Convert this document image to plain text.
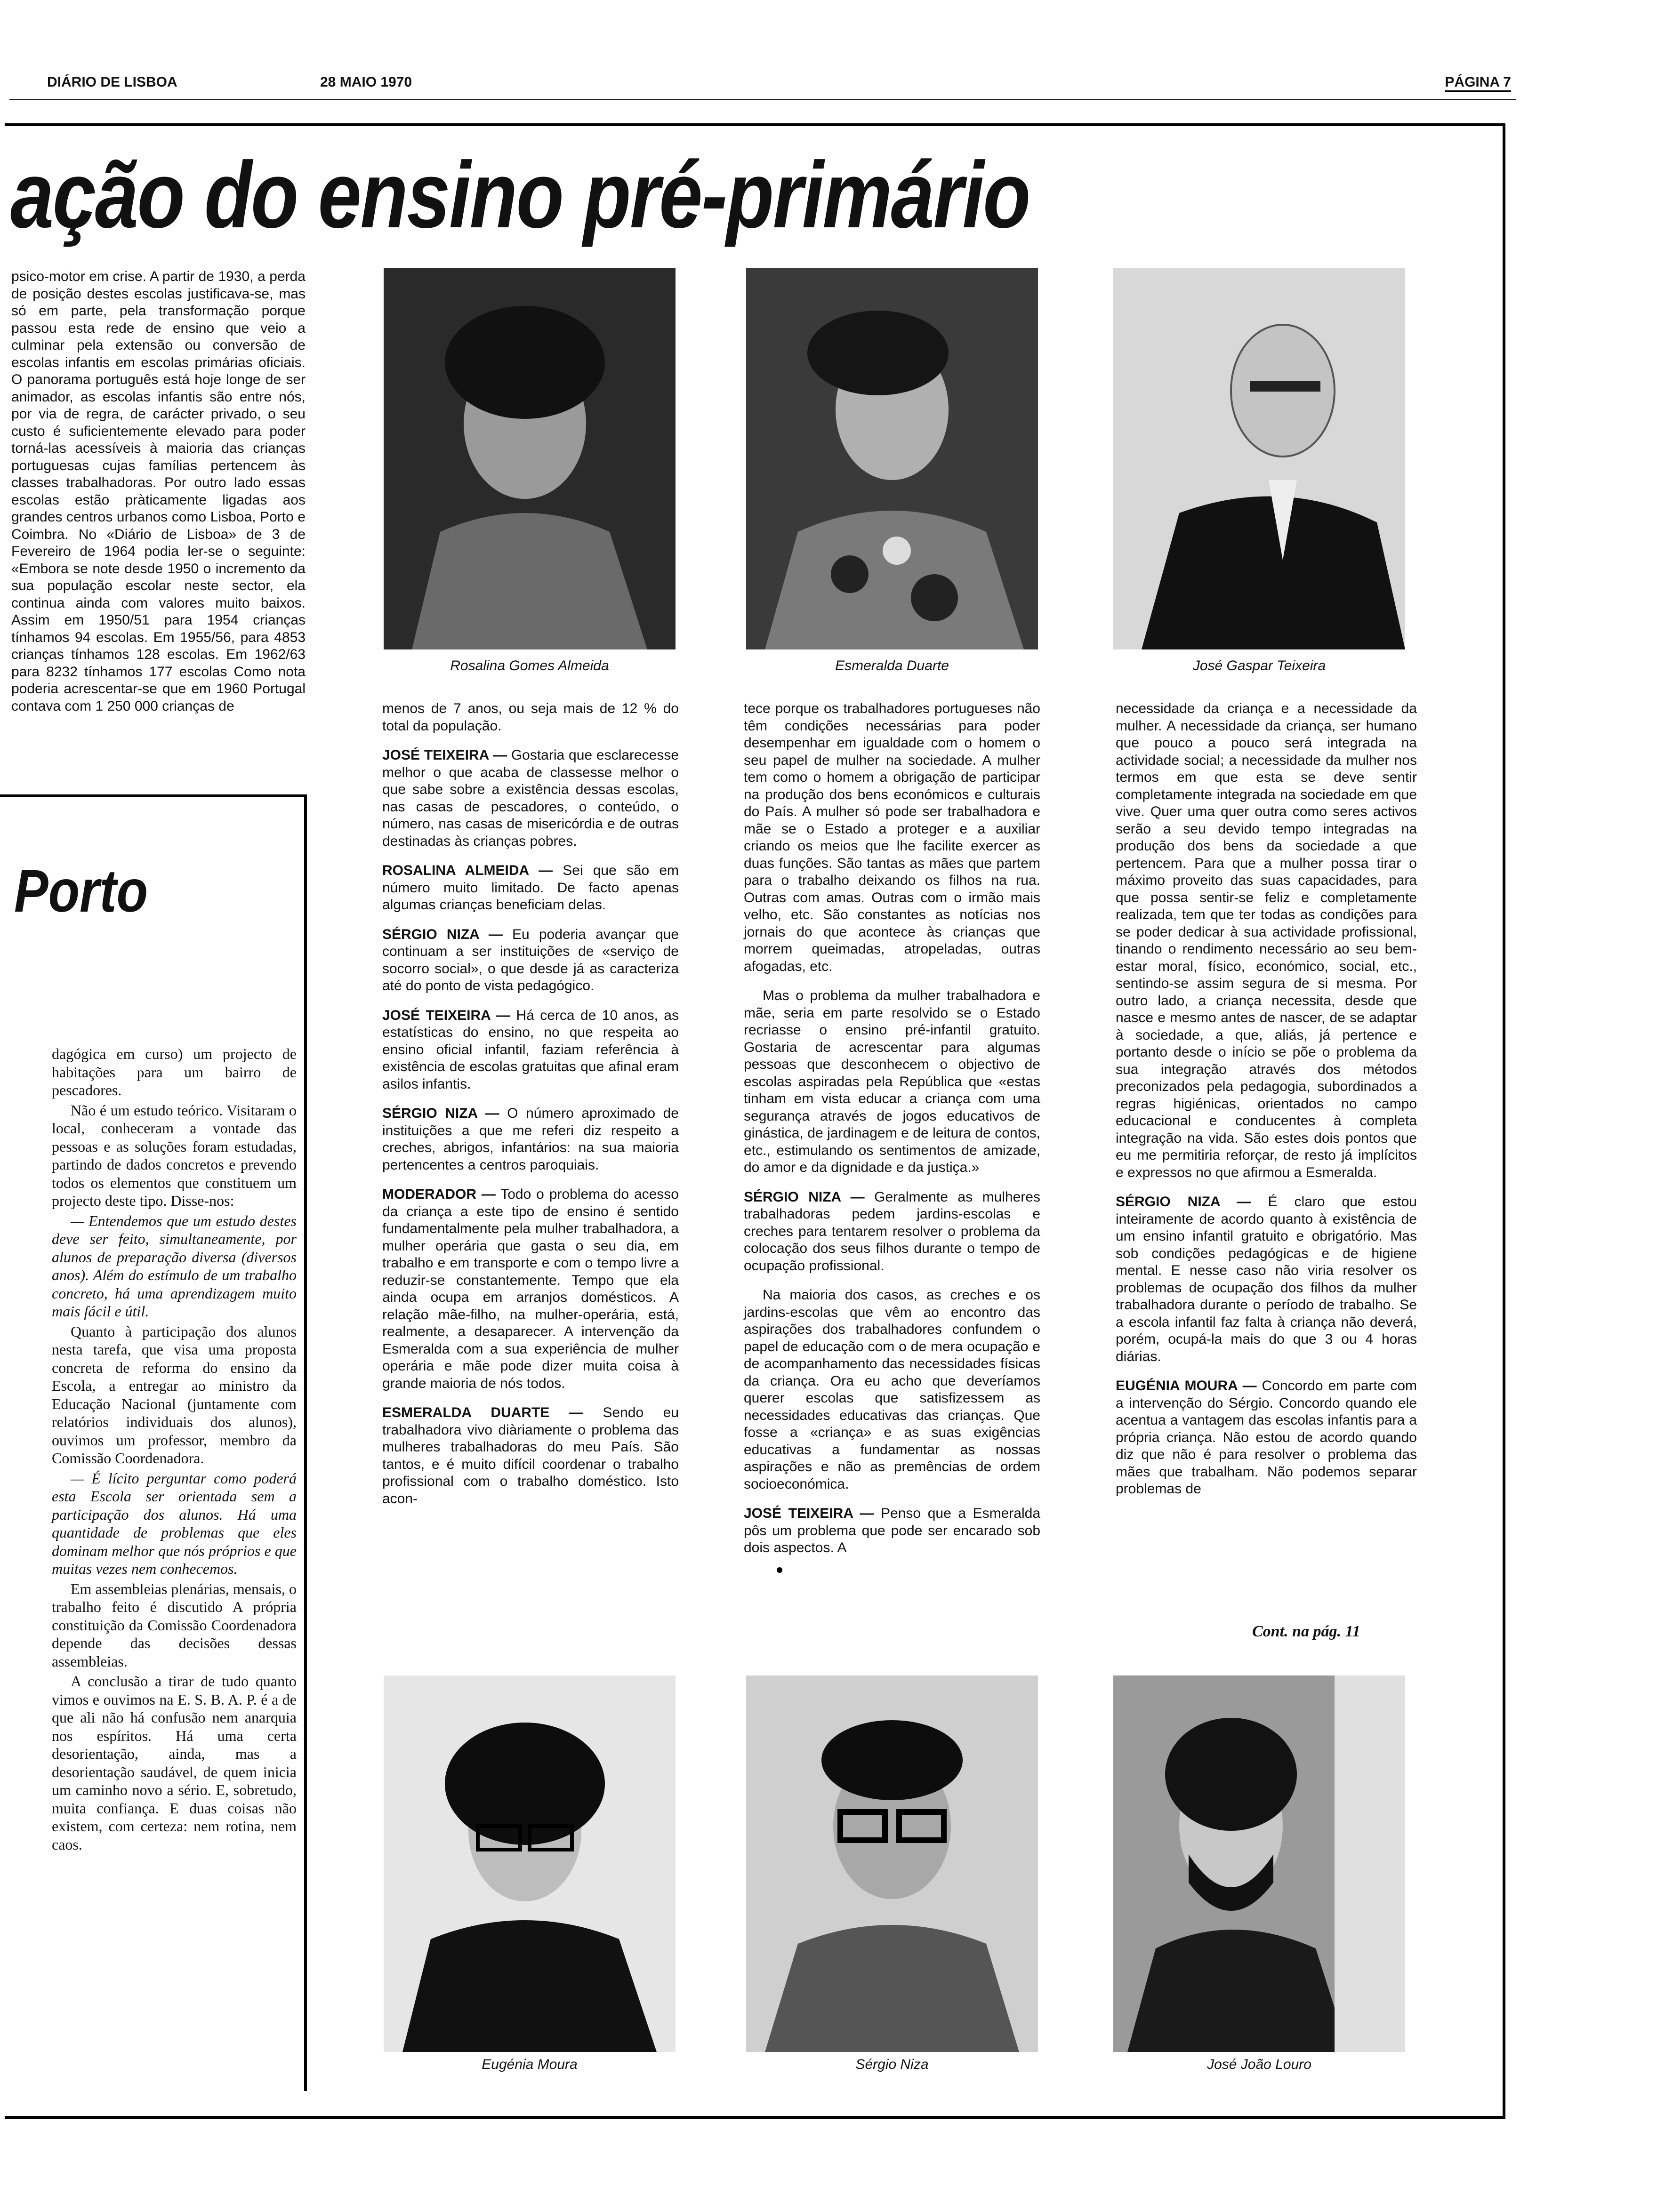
DIÁRIO DE LISBOA	28 MAIO 1970	PÁGINA 7
ação do ensino pré-primário

psico-motor em crise. A partir de 1930, a perda de posição destes escolas justificava-se, mas só em parte, pela transformação porque passou esta rede de ensino que veio a culminar pela extensão ou conversão de escolas infantis em escolas primárias oficiais. O panorama português está hoje longe de ser animador, as escolas infantis são entre nós, por via de regra, de carácter privado, o seu custo é suficientemente elevado para poder torná-las acessíveis à maioria das crianças portuguesas cujas famílias pertencem às classes trabalhadoras. Por outro lado essas escolas estão pràticamente ligadas aos grandes centros urbanos como Lisboa, Porto e Coimbra. No «Diário de Lisboa» de 3 de Fevereiro de 1964 podia ler-se o seguinte: «Embora se note desde 1950 o incremento da sua população escolar neste sector, ela continua ainda com valores muito baixos. Assim em 1950/51 para 1954 crianças tínhamos 94 escolas. Em 1955/56, para 4853 crianças tínhamos 128 escolas. Em 1962/63 para 8232 tínhamos 177 escolas Como nota poderia acrescentar-se que em 1960 Portugal contava com 1 250 000 crianças de

Porto

dagógica em curso) um projecto de habitações para um bairro de pescadores.

Não é um estudo teórico. Visitaram o local, conheceram a vontade das pessoas e as soluções foram estudadas, partindo de dados concretos e prevendo todos os elementos que constituem um projecto deste tipo. Disse-nos:

— Entendemos que um estudo destes deve ser feito, simultaneamente, por alunos de preparação diversa (diversos anos). Além do estímulo de um trabalho concreto, há uma aprendizagem muito mais fácil e útil.

Quanto à participação dos alunos nesta tarefa, que visa uma proposta concreta de reforma do ensino da Escola, a entregar ao ministro da Educação Nacional (juntamente com relatórios individuais dos alunos), ouvimos um professor, membro da Comissão Coordenadora.

— É lícito perguntar como poderá esta Escola ser orientada sem a participação dos alunos. Há uma quantidade de problemas que eles dominam melhor que nós próprios e que muitas vezes nem conhecemos.

Em assembleias plenárias, mensais, o trabalho feito é discutido A própria constituição da Comissão Coordenadora depende das decisões dessas assembleias.

A conclusão a tirar de tudo quanto vimos e ouvimos na E. S. B. A. P. é a de que ali não há confusão nem anarquia nos espíritos. Há uma certa desorientação, ainda, mas a desorientação saudável, de quem inicia um caminho novo a sério. E, sobretudo, muita confiança. E duas coisas não existem, com certeza: nem rotina, nem caos.

Rosalina Gomes Almeida	Esmeralda Duarte	José Gaspar Teixeira

menos de 7 anos, ou seja mais de 12 % do total da população.

JOSÉ TEIXEIRA — Gostaria que esclarecesse melhor o que acaba de classesse melhor o que sabe sobre a existência dessas escolas, nas casas de pescadores, o conteúdo, o número, nas casas de misericórdia e de outras destinadas às crianças pobres.

ROSALINA ALMEIDA — Sei que são em número muito limitado. De facto apenas algumas crianças beneficiam delas.

SÉRGIO NIZA — Eu poderia avançar que continuam a ser instituições de «serviço de socorro social», o que desde já as caracteriza até do ponto de vista pedagógico.

JOSÉ TEIXEIRA — Há cerca de 10 anos, as estatísticas do ensino, no que respeita ao ensino oficial infantil, faziam referência à existência de escolas gratuitas que afinal eram asilos infantis.

SÉRGIO NIZA — O número aproximado de instituições a que me referi diz respeito a creches, abrigos, infantários: na sua maioria pertencentes a centros paroquiais.

MODERADOR — Todo o problema do acesso da criança a este tipo de ensino é sentido fundamentalmente pela mulher trabalhadora, a mulher operária que gasta o seu dia, em trabalho e em transporte e com o tempo livre a reduzir-se constantemente. Tempo que ela ainda ocupa em arranjos domésticos. A relação mãe-filho, na mulher-operária, está, realmente, a desaparecer. A intervenção da Esmeralda com a sua experiência de mulher operária e mãe pode dizer muita coisa à grande maioria de nós todos.

ESMERALDA DUARTE — Sendo eu trabalhadora vivo diàriamente o problema das mulheres trabalhadoras do meu País. São tantos, e é muito difícil coordenar o trabalho profissional com o trabalho doméstico. Isto acon-

tece porque os trabalhadores portugueses não têm condições necessárias para poder desempenhar em igualdade com o homem o seu papel de mulher na sociedade. A mulher tem como o homem a obrigação de participar na produção dos bens económicos e culturais do País. A mulher só pode ser trabalhadora e mãe se o Estado a proteger e a auxiliar criando os meios que lhe facilite exercer as duas funções. São tantas as mães que partem para o trabalho deixando os filhos na rua. Outras com amas. Outras com o irmão mais velho, etc. São constantes as notícias nos jornais do que acontece às crianças que morrem queimadas, atropeladas, outras afogadas, etc.

Mas o problema da mulher trabalhadora e mãe, seria em parte resolvido se o Estado recriasse o ensino pré-infantil gratuito. Gostaria de acrescentar para algumas pessoas que desconhecem o objectivo de escolas aspiradas pela República que «estas tinham em vista educar a criança com uma segurança através de jogos educativos de ginástica, de jardinagem e de leitura de contos, etc., estimulando os sentimentos de amizade, do amor e da dignidade e da justiça.»

SÉRGIO NIZA — Geralmente as mulheres trabalhadoras pedem jardins-escolas e creches para tentarem resolver o problema da colocação dos seus filhos durante o tempo de ocupação profissional.

Na maioria dos casos, as creches e os jardins-escolas que vêm ao encontro das aspirações dos trabalhadores confundem o papel de educação com o de mera ocupação e de acompanhamento das necessidades físicas da criança. Ora eu acho que deveríamos querer escolas que satisfizessem as necessidades educativas das crianças. Que fosse a «criança» e as suas exigências educativas a fundamentar as nossas aspirações e não as premências de ordem socioeconómica.

JOSÉ TEIXEIRA — Penso que a Esmeralda pôs um problema que pode ser encarado sob dois aspectos. A

necessidade da criança e a necessidade da mulher. A necessidade da criança, ser humano que pouco a pouco será integrada na actividade social; a necessidade da mulher nos termos em que esta se deve sentir completamente integrada na sociedade em que vive. Quer uma quer outra como seres activos serão a seu devido tempo integradas na produção dos bens da sociedade a que pertencem. Para que a mulher possa tirar o máximo proveito das suas capacidades, para que possa sentir-se feliz e completamente realizada, tem que ter todas as condições para se poder dedicar à sua actividade profissional, tinando o rendimento necessário ao seu bem-estar moral, físico, económico, social, etc., sentindo-se assim segura de si mesma. Por outro lado, a criança necessita, desde que nasce e mesmo antes de nascer, de se adaptar à sociedade, a que, aliás, já pertence e portanto desde o início se põe o problema da sua integração através dos métodos preconizados pela pedagogia, subordinados a regras higiénicas, orientados no campo educacional e conducentes à completa integração na vida. São estes dois pontos que eu me permitiria reforçar, de resto já implícitos e expressos no que afirmou a Esmeralda.

SÉRGIO NIZA — É claro que estou inteiramente de acordo quanto à existência de um ensino infantil gratuito e obrigatório. Mas sob condições pedagógicas e de higiene mental. E nesse caso não viria resolver os problemas de ocupação dos filhos da mulher trabalhadora durante o período de trabalho. Se a escola infantil faz falta à criança não deverá, porém, ocupá-la mais do que 3 ou 4 horas diárias.

EUGÉNIA MOURA — Concordo em parte com a intervenção do Sérgio. Concordo quando ele acentua a vantagem das escolas infantis para a própria criança. Não estou de acordo quando diz que não é para resolver o problema das mães que trabalham. Não podemos separar problemas de

Cont. na pág. 11
Eugénia Moura	Sérgio Niza	José João Louro
